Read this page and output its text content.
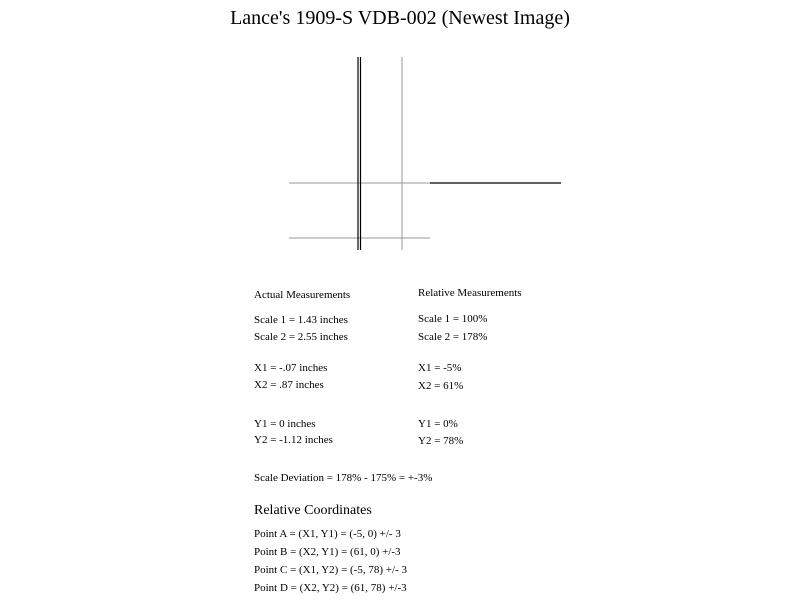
Lance's 1909-S VDB-002 (Newest Image)
Actual Measurements	Relative Measurements
Scale 1 = 1.43 inches
Scale 2 = 2.55 inches
Scale 1 = 100%
Scale 2 = 178%
X1 = -.07 inches
X2 = .87 inches
X1 = -5%
X2 = 61%
Y1 = 0 inches
Y2 = -1.12 inches
Y1 = 0%
Y2 = 78%
Scale Deviation = 178% - 175% = +-3%
Relative Coordinates
Point A = (X1, Y1) = (-5, 0) +/- 3
Point B = (X2, Y1) = (61, 0) +/-3
Point C = (X1, Y2) = (-5, 78) +/- 3
Point D = (X2, Y2) = (61, 78) +/-3
